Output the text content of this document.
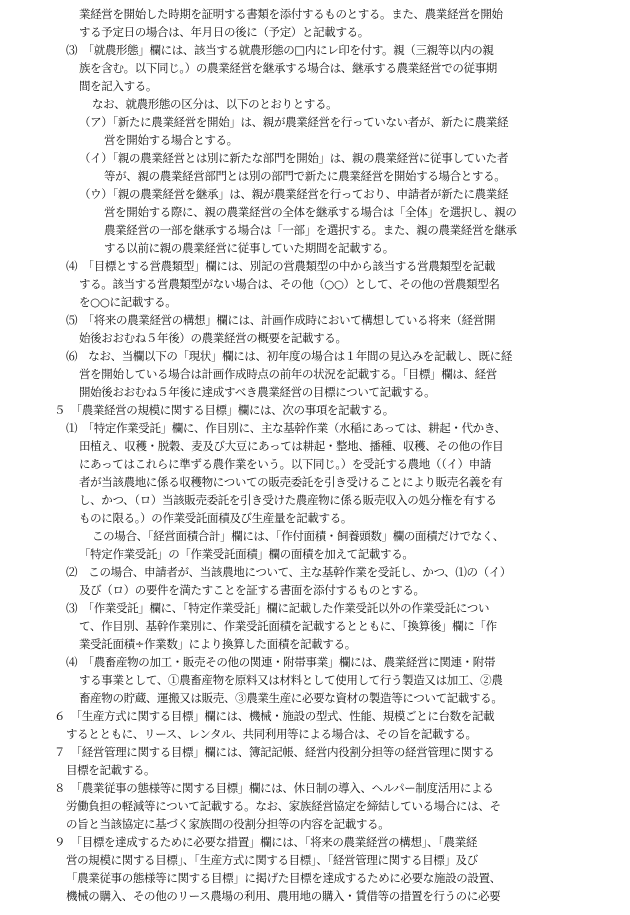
業経営を開始した時期を証明する書類を添付するものとする。また、農業経営を開始
する予定日の場合は、年月日の後に（予定）と記載する。
⑶　「就農形態」欄には、該当する就農形態の□内にレ印を付す。親（三親等以内の親
族を含む。以下同じ。）の農業経営を継承する場合は、継承する農業経営での従事期
間を記入する。
なお、就農形態の区分は、以下のとおりとする。
（ア）「新たに農業経営を開始」は、親が農業経営を行っていない者が、新たに農業経
営を開始する場合とする。
（イ）「親の農業経営とは別に新たな部門を開始」は、親の農業経営に従事していた者
等が、親の農業経営部門とは別の部門で新たに農業経営を開始する場合とする。
（ウ）「親の農業経営を継承」は、親が農業経営を行っており、申請者が新たに農業経
営を開始する際に、親の農業経営の全体を継承する場合は「全体」を選択し、親の
農業経営の一部を継承する場合は「一部」を選択する。また、親の農業経営を継承
する以前に親の農業経営に従事していた期間を記載する。
⑷　「目標とする営農類型」欄には、別記の営農類型の中から該当する営農類型を記載
する。該当する営農類型がない場合は、その他（○○）として、その他の営農類型名
を○○に記載する。
⑸　「将来の農業経営の構想」欄には、計画作成時において構想している将来（経営開
始後おおむね５年後）の農業経営の概要を記載する。
⑹　なお、当欄以下の「現状」欄には、初年度の場合は１年間の見込みを記載し、既に経
営を開始している場合は計画作成時点の前年の状況を記載する。「目標」欄は、経営
開始後おおむね５年後に達成すべき農業経営の目標について記載する。
５　「農業経営の規模に関する目標」欄には、次の事項を記載する。
⑴　「特定作業受託」欄に、作目別に、主な基幹作業（水稲にあっては、耕起・代かき、
田植え、収穫・脱穀、麦及び大豆にあっては耕起・整地、播種、収穫、その他の作目
にあってはこれらに準ずる農作業をいう。以下同じ。）を受託する農地（（イ）申請
者が当該農地に係る収穫物についての販売委託を引き受けることにより販売名義を有
し、かつ、（ロ）当該販売委託を引き受けた農産物に係る販売収入の処分権を有する
ものに限る。）の作業受託面積及び生産量を記載する。
この場合、「経営面積合計」欄には、「作付面積・飼養頭数」欄の面積だけでなく、
「特定作業受託」の「作業受託面積」欄の面積を加えて記載する。
⑵　この場合、申請者が、当該農地について、主な基幹作業を受託し、かつ、⑴の（イ）
及び（ロ）の要件を満たすことを証する書面を添付するものとする。
⑶　「作業受託」欄に、「特定作業受託」欄に記載した作業受託以外の作業受託につい
て、作目別、基幹作業別に、作業受託面積を記載するとともに、「換算後」欄に「作
業受託面積÷作業数」により換算した面積を記載する。
⑷　「農畜産物の加工・販売その他の関連・附帯事業」欄には、農業経営に関連・附帯
する事業として、①農畜産物を原料又は材料として使用して行う製造又は加工、②農
畜産物の貯蔵、運搬又は販売、③農業生産に必要な資材の製造等について記載する。
６　「生産方式に関する目標」欄には、機械・施設の型式、性能、規模ごとに台数を記載
するとともに、リース、レンタル、共同利用等による場合は、その旨を記載する。
７　「経営管理に関する目標」欄には、簿記記帳、経営内役割分担等の経営管理に関する
目標を記載する。
８　「農業従事の態様等に関する目標」欄には、休日制の導入、ヘルパー制度活用による
労働負担の軽減等について記載する。なお、家族経営協定を締結している場合には、そ
の旨と当該協定に基づく家族間の役割分担等の内容を記載する。
９　「目標を達成するために必要な措置」欄には、「将来の農業経営の構想」、「農業経
営の規模に関する目標」、「生産方式に関する目標」、「経営管理に関する目標」及び
「農業従事の態様等に関する目標」に掲げた目標を達成するために必要な施設の設置、
機械の購入、その他のリース農場の利用、農用地の購入・賃借等の措置を行うのに必要
